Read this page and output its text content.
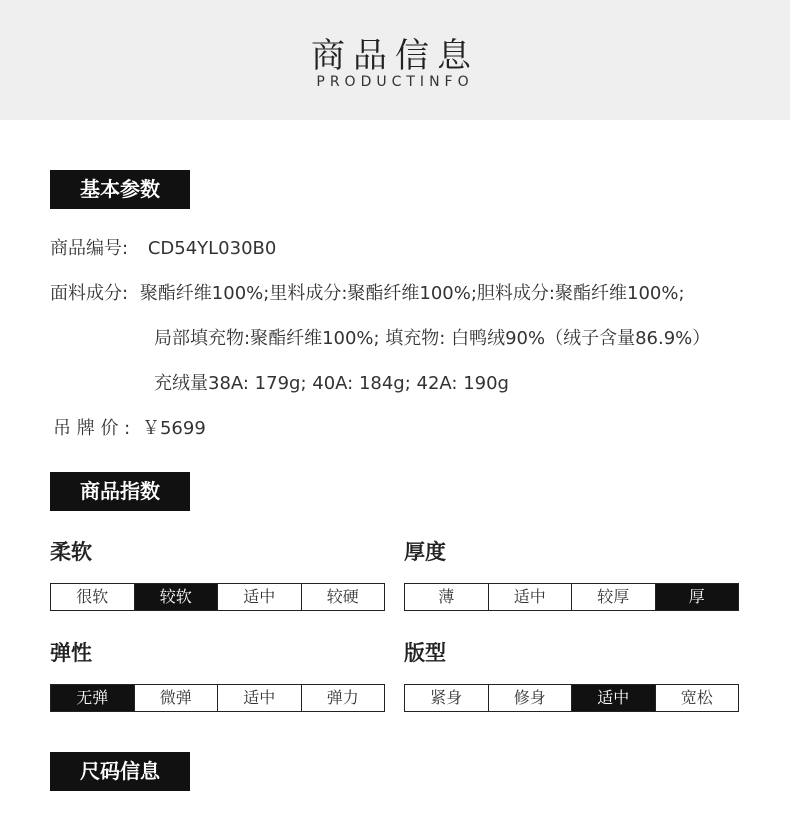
商品信息
PRODUCTINFO
基本参数
商品编号: CD54YL030B0
面料成分: 聚酯纤维100%;里料成分:聚酯纤维100%;胆料成分:聚酯纤维100%;
局部填充物:聚酯纤维100%; 填充物: 白鸭绒90%（绒子含量86.9%）
充绒量38A: 179g; 40A: 184g; 42A: 190g
吊 牌 价 : ￥5699
商品指数
柔软
很软	较软	适中	较硬
厚度
薄	适中	较厚	厚
弹性
无弹	微弹	适中	弹力
版型
紧身	修身	适中	宽松
尺码信息
